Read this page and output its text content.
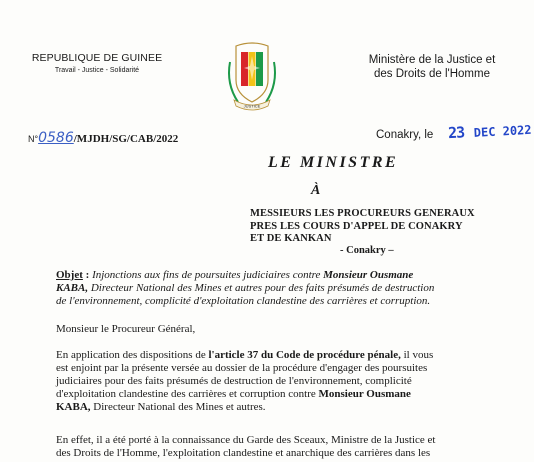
REPUBLIQUE DE GUINEE
Travail - Justice - Solidarité
JUSTICE
Ministère de la Justice et
des Droits de l'Homme
N°0586/MJDH/SG/CAB/2022	Conakry, le 23 DEC 2022
LE MINISTRE
À
MESSIEURS LES PROCUREURS GENERAUX
PRES LES COURS D'APPEL DE CONAKRY
ET DE KANKAN
- Conakry –
Objet : Injonctions aux fins de poursuites judiciaires contre Monsieur Ousmane
KABA, Directeur National des Mines et autres pour des faits présumés de destruction
de l'environnement, complicité d'exploitation clandestine des carrières et corruption.
Monsieur le Procureur Général,
En application des dispositions de l'article 37 du Code de procédure pénale, il vous
est enjoint par la présente versée au dossier de la procédure d'engager des poursuites
judiciaires pour des faits présumés de destruction de l'environnement, complicité
d'exploitation clandestine des carrières et corruption contre Monsieur Ousmane
KABA, Directeur National des Mines et autres.
En effet, il a été porté à la connaissance du Garde des Sceaux, Ministre de la Justice et
des Droits de l'Homme, l'exploitation clandestine et anarchique des carrières dans les
